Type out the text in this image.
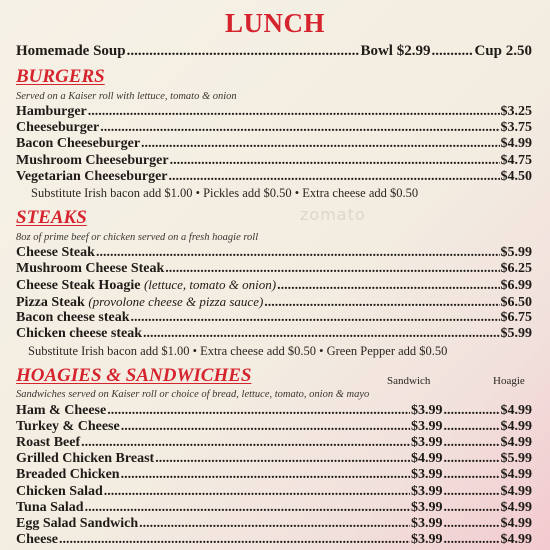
LUNCH
Homemade Soup .....	Bowl $2.99 .....	Cup 2.50
BURGERS
Served on a Kaiser roll with lettuce, tomato & onion
Hamburger .....	$3.25
Cheeseburger .....	$3.75
Bacon Cheeseburger .....	$4.99
Mushroom Cheeseburger .....	$4.75
Vegetarian Cheeseburger .....	$4.50
Substitute Irish bacon add $1.00 • Pickles add $0.50 • Extra cheese add $0.50
zomato
STEAKS
8oz of prime beef or chicken served on a fresh hoagie roll
Cheese Steak .....	$5.99
Mushroom Cheese Steak .....	$6.25
Cheese Steak Hoagie (lettuce, tomato & onion) .....	$6.99
Pizza Steak (provolone cheese & pizza sauce) .....	$6.50
Bacon cheese steak .....	$6.75
Chicken cheese steak .....	$5.99
Substitute Irish bacon add $1.00 • Extra cheese add $0.50 • Green Pepper add $0.50
HOAGIES & SANDWICHES	Sandwich	Hoagie
Sandwiches served on Kaiser roll or choice of bread, lettuce, tomato, onion & mayo
Ham & Cheese .....	$3.99 .....	$4.99
Turkey & Cheese .....	$3.99 .....	$4.99
Roast Beef .....	$3.99 .....	$4.99
Grilled Chicken Breast .....	$4.99 .....	$5.99
Breaded Chicken .....	$3.99 .....	$4.99
Chicken Salad .....	$3.99 .....	$4.99
Tuna Salad .....	$3.99 .....	$4.99
Egg Salad Sandwich .....	$3.99 .....	$4.99
Cheese .....	$3.99 .....	$4.99
